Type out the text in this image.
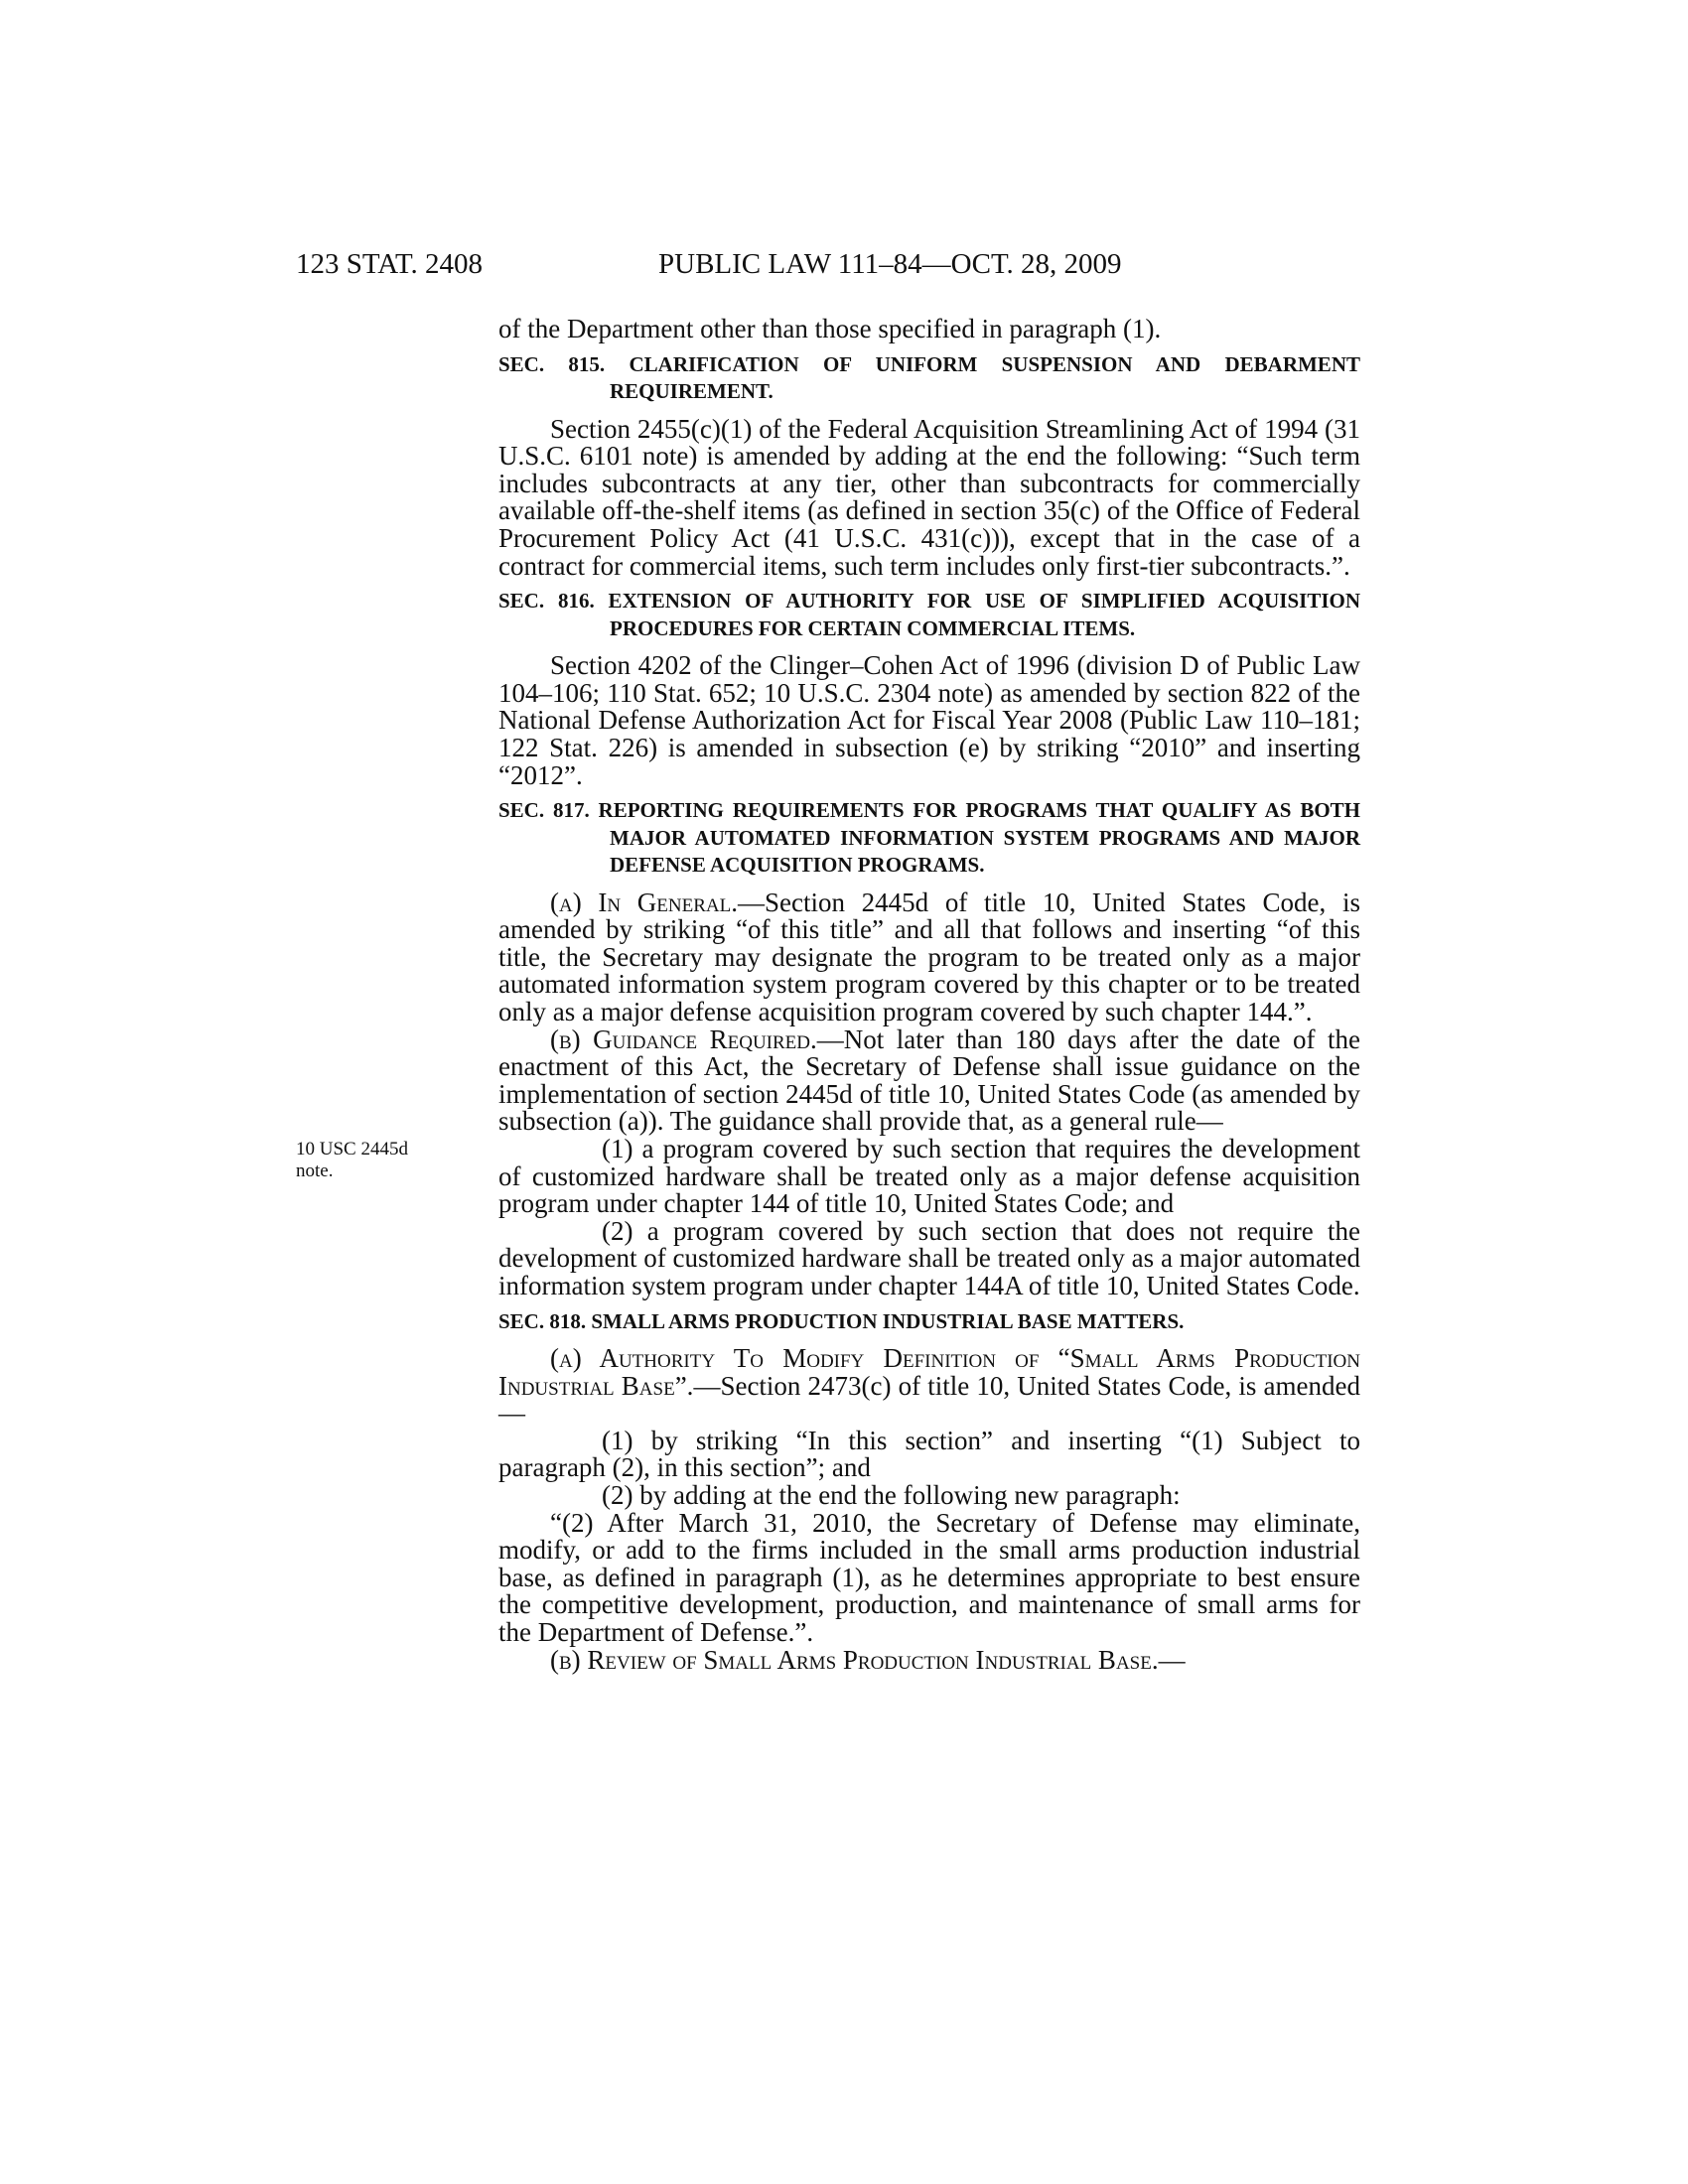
123 STAT. 2408	PUBLIC LAW 111–84—OCT. 28, 2009
10 USC 2445d
note.

of the Department other than those specified in paragraph (1).

SEC. 815. CLARIFICATION OF UNIFORM SUSPENSION AND DEBARMENT REQUIREMENT.

Section 2455(c)(1) of the Federal Acquisition Streamlining Act of 1994 (31 U.S.C. 6101 note) is amended by adding at the end the following: “Such term includes subcontracts at any tier, other than subcontracts for commercially available off-the-shelf items (as defined in section 35(c) of the Office of Federal Procurement Policy Act (41 U.S.C. 431(c))), except that in the case of a contract for commercial items, such term includes only first-tier subcontracts.”.

SEC. 816. EXTENSION OF AUTHORITY FOR USE OF SIMPLIFIED ACQUISITION PROCEDURES FOR CERTAIN COMMERCIAL ITEMS.

Section 4202 of the Clinger–Cohen Act of 1996 (division D of Public Law 104–106; 110 Stat. 652; 10 U.S.C. 2304 note) as amended by section 822 of the National Defense Authorization Act for Fiscal Year 2008 (Public Law 110–181; 122 Stat. 226) is amended in subsection (e) by striking “2010” and inserting “2012”.

SEC. 817. REPORTING REQUIREMENTS FOR PROGRAMS THAT QUALIFY AS BOTH MAJOR AUTOMATED INFORMATION SYSTEM PROGRAMS AND MAJOR DEFENSE ACQUISITION PROGRAMS.

(a) In General.—Section 2445d of title 10, United States Code, is amended by striking “of this title” and all that follows and inserting “of this title, the Secretary may designate the program to be treated only as a major automated information system program covered by this chapter or to be treated only as a major defense acquisition program covered by such chapter 144.”.

(b) Guidance Required.—Not later than 180 days after the date of the enactment of this Act, the Secretary of Defense shall issue guidance on the implementation of section 2445d of title 10, United States Code (as amended by subsection (a)). The guidance shall provide that, as a general rule—

(1) a program covered by such section that requires the development of customized hardware shall be treated only as a major defense acquisition program under chapter 144 of title 10, United States Code; and

(2) a program covered by such section that does not require the development of customized hardware shall be treated only as a major automated information system program under chapter 144A of title 10, United States Code.

SEC. 818. SMALL ARMS PRODUCTION INDUSTRIAL BASE MATTERS.

(a) Authority To Modify Definition of “Small Arms Production Industrial Base”.—Section 2473(c) of title 10, United States Code, is amended—

(1) by striking “In this section” and inserting “(1) Subject to paragraph (2), in this section”; and

(2) by adding at the end the following new paragraph:

“(2) After March 31, 2010, the Secretary of Defense may eliminate, modify, or add to the firms included in the small arms production industrial base, as defined in paragraph (1), as he determines appropriate to best ensure the competitive development, production, and maintenance of small arms for the Department of Defense.”.

(b) Review of Small Arms Production Industrial Base.—
